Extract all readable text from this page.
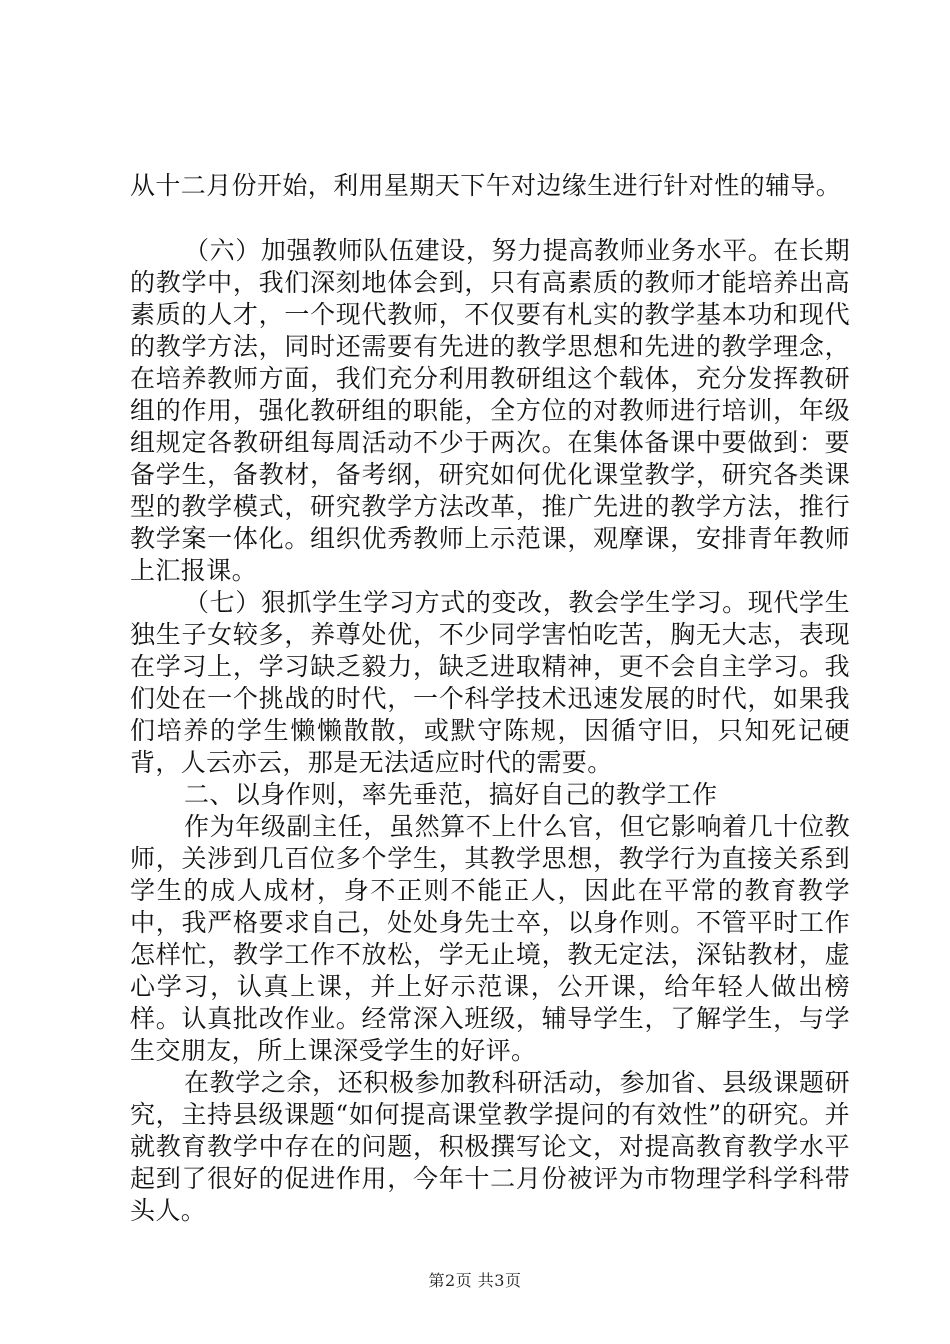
从十二月份开始，利用星期天下午对边缘生进行针对性的辅导。

（六）加强教师队伍建设，努力提高教师业务水平。在长期的教学中，我们深刻地体会到，只有高素质的教师才能培养出高素质的人才，一个现代教师，不仅要有札实的教学基本功和现代的教学方法，同时还需要有先进的教学思想和先进的教学理念，在培养教师方面，我们充分利用教研组这个载体，充分发挥教研组的作用，强化教研组的职能，全方位的对教师进行培训，年级组规定各教研组每周活动不少于两次。在集体备课中要做到：要备学生，备教材，备考纲，研究如何优化课堂教学，研究各类课型的教学模式，研究教学方法改革，推广先进的教学方法，推行教学案一体化。组织优秀教师上示范课，观摩课，安排青年教师上汇报课。

（七）狠抓学生学习方式的变改，教会学生学习。现代学生独生子女较多，养尊处优，不少同学害怕吃苦，胸无大志，表现在学习上，学习缺乏毅力，缺乏进取精神，更不会自主学习。我们处在一个挑战的时代，一个科学技术迅速发展的时代，如果我们培养的学生懒懒散散，或默守陈规，因循守旧，只知死记硬背，人云亦云，那是无法适应时代的需要。

二、以身作则，率先垂范，搞好自己的教学工作

作为年级副主任，虽然算不上什么官，但它影响着几十位教师，关涉到几百位多个学生，其教学思想，教学行为直接关系到学生的成人成材，身不正则不能正人，因此在平常的教育教学中，我严格要求自己，处处身先士卒，以身作则。不管平时工作怎样忙，教学工作不放松，学无止境，教无定法，深钻教材，虚心学习，认真上课，并上好示范课，公开课，给年轻人做出榜样。认真批改作业。经常深入班级，辅导学生，了解学生，与学生交朋友，所上课深受学生的好评。

在教学之余，还积极参加教科研活动，参加省、县级课题研究，主持县级课题“如何提高课堂教学提问的有效性”的研究。并就教育教学中存在的问题，积极撰写论文，对提高教育教学水平起到了很好的促进作用，今年十二月份被评为市物理学科学科带头人。

第2页 共3页
